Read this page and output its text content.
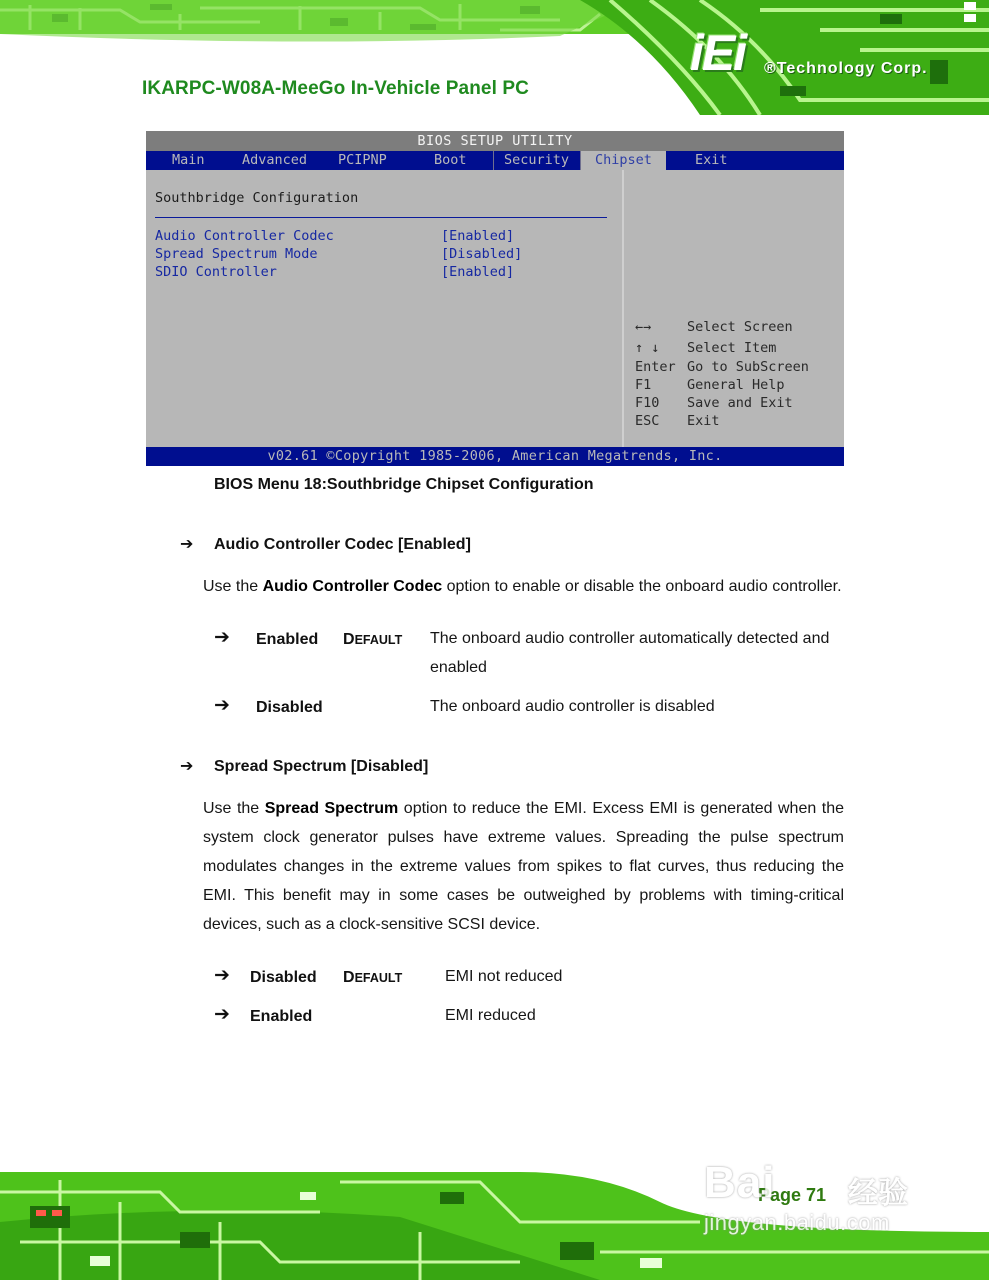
IKARPC-W08A-MeeGo In-Vehicle Panel PC
iEi ®Technology Corp.
BIOS SETUP UTILITY
Main	Advanced PCIPNP	Boot	Security	Chipset	Exit
Southbridge Configuration
Audio Controller Codec	[Enabled]
Spread Spectrum Mode	[Disabled]
SDIO Controller	[Enabled]
←→	Select Screen
↑ ↓ Select Item
Enter Go to SubScreen
F1	General Help
F10 Save and Exit
ESC Exit
v02.61 ©Copyright 1985-2006, American Megatrends, Inc.
BIOS Menu 18:Southbridge Chipset Configuration
➔ Audio Controller Codec [Enabled]
Use the Audio Controller Codec option to enable or disable the onboard audio controller.
➔ Enabled DEFAULT The onboard audio controller automatically detected and enabled
➔ Disabled	The onboard audio controller is disabled
➔ Spread Spectrum [Disabled]
Use the Spread Spectrum option to reduce the EMI. Excess EMI is generated when the system clock generator pulses have extreme values. Spreading the pulse spectrum modulates changes in the extreme values from spikes to flat curves, thus reducing the EMI. This benefit may in some cases be outweighed by problems with timing-critical devices, such as a clock-sensitive SCSI device.
➔ Disabled DEFAULT	EMI not reduced
➔ Enabled	EMI reduced
Page 71
Bai 经验
jingyan.baidu.com
